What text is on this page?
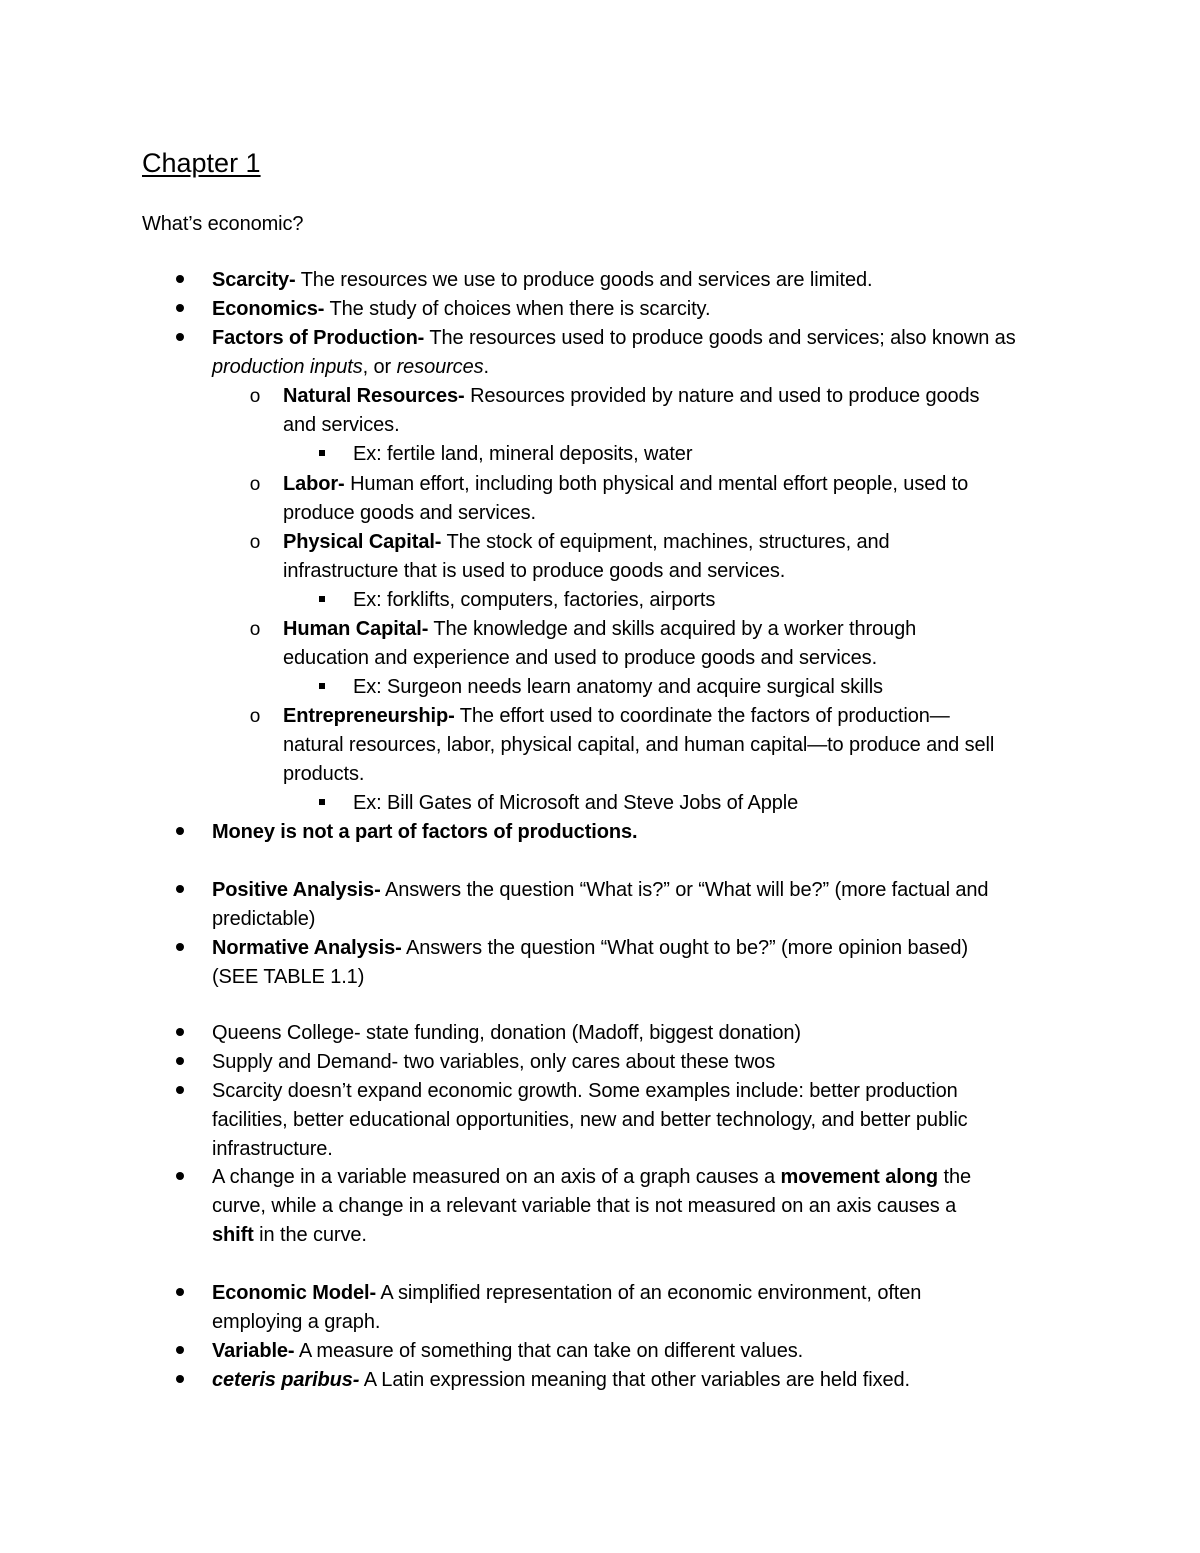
Chapter 1
What’s economic?
Scarcity- The resources we use to produce goods and services are limited.
Economics- The study of choices when there is scarcity.
Factors of Production- The resources used to produce goods and services; also known as
production inputs, or resources.
o Natural Resources- Resources provided by nature and used to produce goods
and services.
Ex: fertile land, mineral deposits, water
o Labor- Human effort, including both physical and mental effort people, used to
produce goods and services.
o Physical Capital- The stock of equipment, machines, structures, and
infrastructure that is used to produce goods and services.
Ex: forklifts, computers, factories, airports
o Human Capital- The knowledge and skills acquired by a worker through
education and experience and used to produce goods and services.
Ex: Surgeon needs learn anatomy and acquire surgical skills
o Entrepreneurship- The effort used to coordinate the factors of production—
natural resources, labor, physical capital, and human capital—to produce and sell
products.
Ex: Bill Gates of Microsoft and Steve Jobs of Apple
Money is not a part of factors of productions.
Positive Analysis- Answers the question “What is?” or “What will be?” (more factual and
predictable)
Normative Analysis- Answers the question “What ought to be?” (more opinion based)
(SEE TABLE 1.1)
Queens College- state funding, donation (Madoff, biggest donation)
Supply and Demand- two variables, only cares about these twos
Scarcity doesn’t expand economic growth. Some examples include: better production
facilities, better educational opportunities, new and better technology, and better public
infrastructure.
A change in a variable measured on an axis of a graph causes a movement along the
curve, while a change in a relevant variable that is not measured on an axis causes a
shift in the curve.
Economic Model- A simplified representation of an economic environment, often
employing a graph.
Variable- A measure of something that can take on different values.
ceteris paribus- A Latin expression meaning that other variables are held fixed.
